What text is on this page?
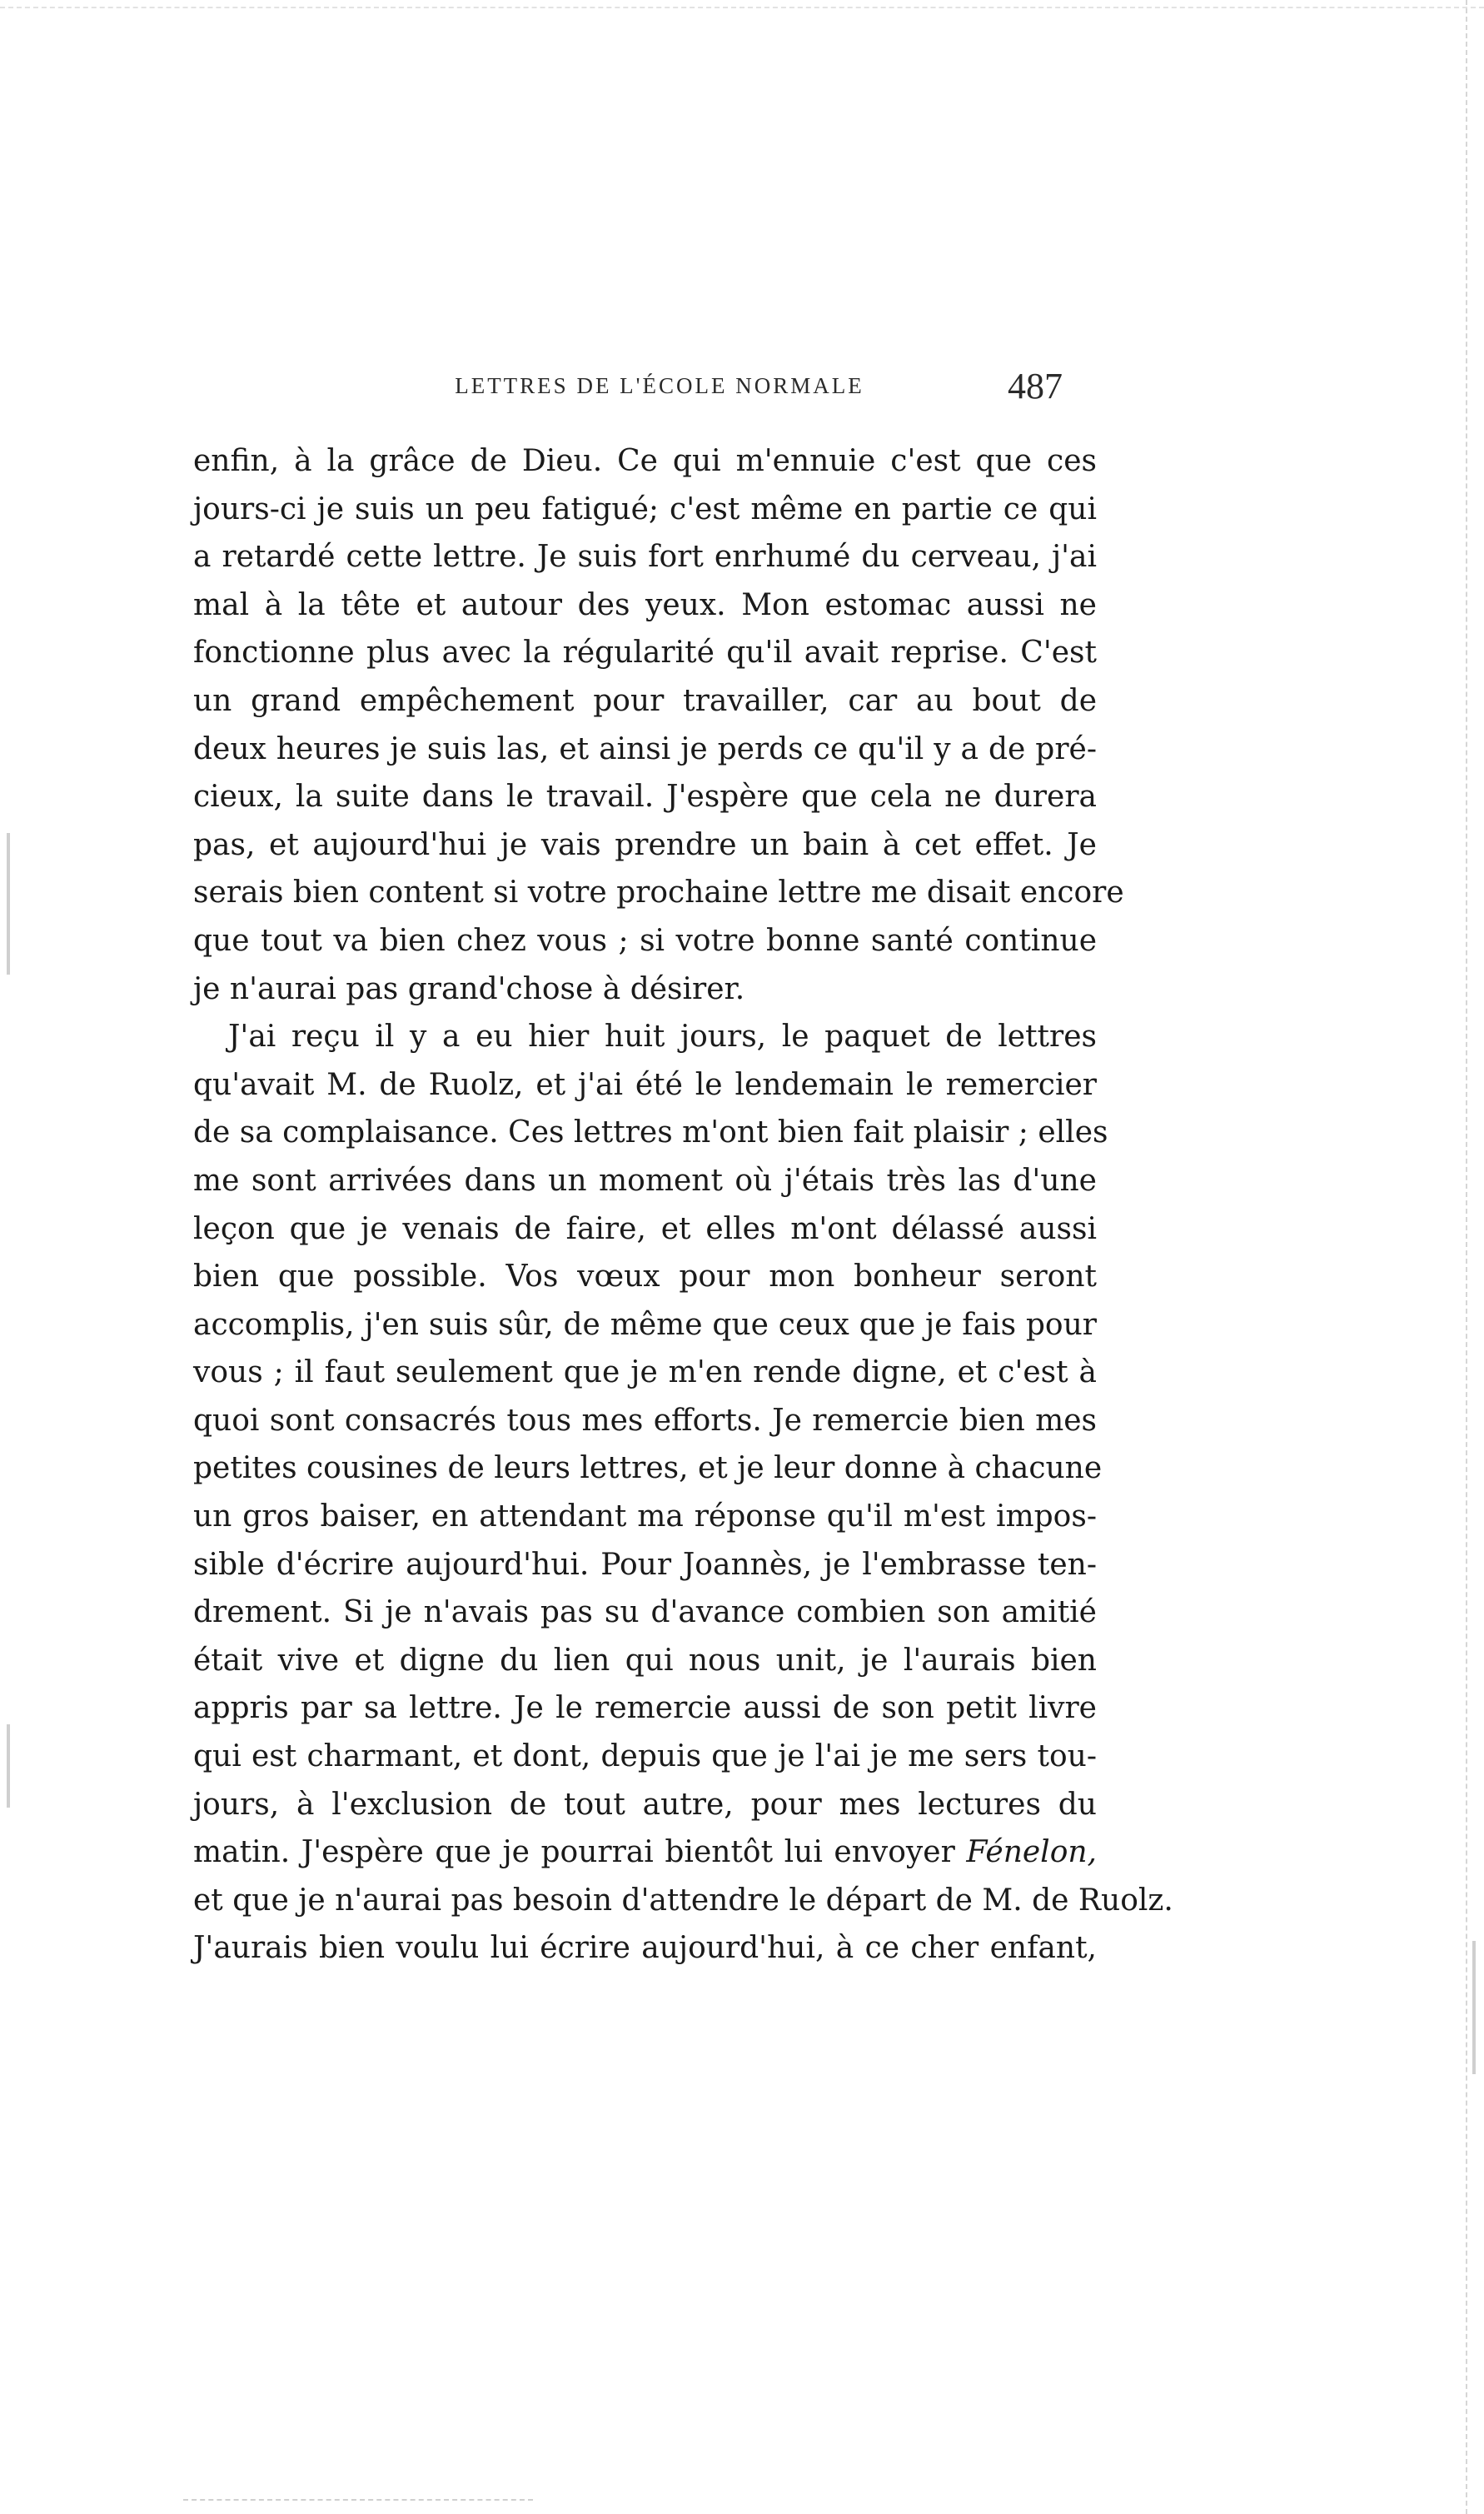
LETTRES DE L'ÉCOLE NORMALE	487
enfin, à la grâce de Dieu. Ce qui m'ennuie c'est que ces
jours-ci je suis un peu fatigué; c'est même en partie ce qui
a retardé cette lettre. Je suis fort enrhumé du cerveau, j'ai
mal à la tête et autour des yeux. Mon estomac aussi ne
fonctionne plus avec la régularité qu'il avait reprise. C'est
un grand empêchement pour travailler, car au bout de
deux heures je suis las, et ainsi je perds ce qu'il y a de pré-
cieux, la suite dans le travail. J'espère que cela ne durera
pas, et aujourd'hui je vais prendre un bain à cet effet. Je
serais bien content si votre prochaine lettre me disait encore
que tout va bien chez vous ; si votre bonne santé continue
je n'aurai pas grand'chose à désirer.
J'ai reçu il y a eu hier huit jours, le paquet de lettres
qu'avait M. de Ruolz, et j'ai été le lendemain le remercier
de sa complaisance. Ces lettres m'ont bien fait plaisir ; elles
me sont arrivées dans un moment où j'étais très las d'une
leçon que je venais de faire, et elles m'ont délassé aussi
bien que possible. Vos vœux pour mon bonheur seront
accomplis, j'en suis sûr, de même que ceux que je fais pour
vous ; il faut seulement que je m'en rende digne, et c'est à
quoi sont consacrés tous mes efforts. Je remercie bien mes
petites cousines de leurs lettres, et je leur donne à chacune
un gros baiser, en attendant ma réponse qu'il m'est impos-
sible d'écrire aujourd'hui. Pour Joannès, je l'embrasse ten-
drement. Si je n'avais pas su d'avance combien son amitié
était vive et digne du lien qui nous unit, je l'aurais bien
appris par sa lettre. Je le remercie aussi de son petit livre
qui est charmant, et dont, depuis que je l'ai je me sers tou-
jours, à l'exclusion de tout autre, pour mes lectures du
matin. J'espère que je pourrai bientôt lui envoyer Fénelon,
et que je n'aurai pas besoin d'attendre le départ de M. de Ruolz.
J'aurais bien voulu lui écrire aujourd'hui, à ce cher enfant,
